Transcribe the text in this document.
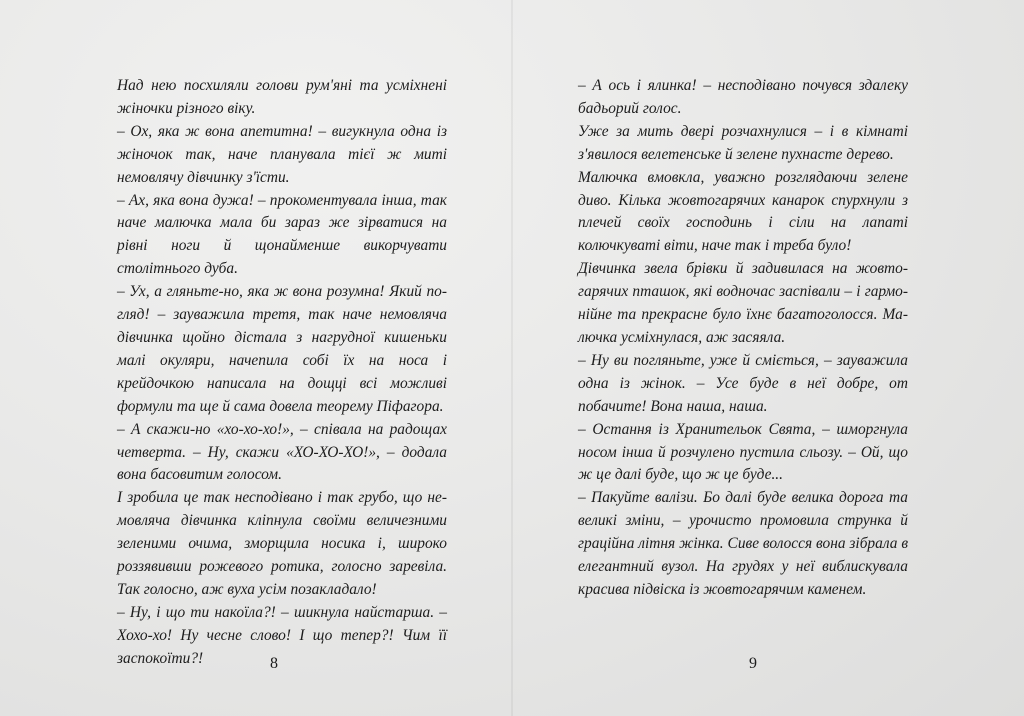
Над нею посхиляли голови рум'яні та усміхнені жіночки різного віку.

– Ох, яка ж вона апетитна! – вигукнула одна із жіночок так, наче планувала тієї ж миті немовлячу дівчинку з'їсти.

– Ах, яка вона дужа! – прокоментувала інша, так наче малючка мала би зараз же зірватися на рівні ноги й щонайменше викорчувати столітнього дуба.

– Ух, а гляньте-но, яка ж вона розумна! Який погляд! – зауважила третя, так наче немовляча дівчинка щойно дістала з нагрудної кишеньки малі окуляри, начепила собі їх на носа і крейдочкою написала на дощці всі можливі формули та ще й сама довела теорему Піфагора.

– А скажи-но «хо-хо-хо!», – співала на радощах четверта. – Ну, скажи «ХО-ХО-ХО!», – додала вона басовитим голосом.

І зробила це так несподівано і так грубо, що немовляча дівчинка кліпнула своїми величезними зеленими очима, зморщила носика і, широко роззявивши рожевого ротика, голосно заревіла. Так голосно, аж вуха усім позакладало!

– Ну, і що ти накоїла?! – шикнула найстарша. – Хохо-хо! Ну чесне слово! І що тепер?! Чим її заспокоїти?!	8

– А ось і ялинка! – несподівано почувся здалеку бадьорий голос.

Уже за мить двері розчахнулися – і в кімнаті з'явилося велетенське й зелене пухнасте дерево.

Малючка вмовкла, уважно розглядаючи зелене диво. Кілька жовтогарячих канарок спурхнули з плечей своїх господинь і сіли на лапаті колючкуваті віти, наче так і треба було!

Дівчинка звела брівки й задивилася на жовтогарячих пташок, які водночас заспівали – і гармонійне та прекрасне було їхнє багатоголосся. Малючка усміхнулася, аж засяяла.

– Ну ви погляньте, уже й сміється, – зауважила одна із жінок. – Усе буде в неї добре, от побачите! Вона наша, наша.

– Остання із Хранительок Свята, – шморгнула носом інша й розчулено пустила сльозу. – Ой, що ж це далі буде, що ж це буде...

– Пакуйте валізи. Бо далі буде велика дорога та великі зміни, – урочисто промовила струнка й граційна літня жінка. Сиве волосся вона зібрала в елегантний вузол. На грудях у неї виблискувала красива підвіска із жовтогарячим каменем.

9
